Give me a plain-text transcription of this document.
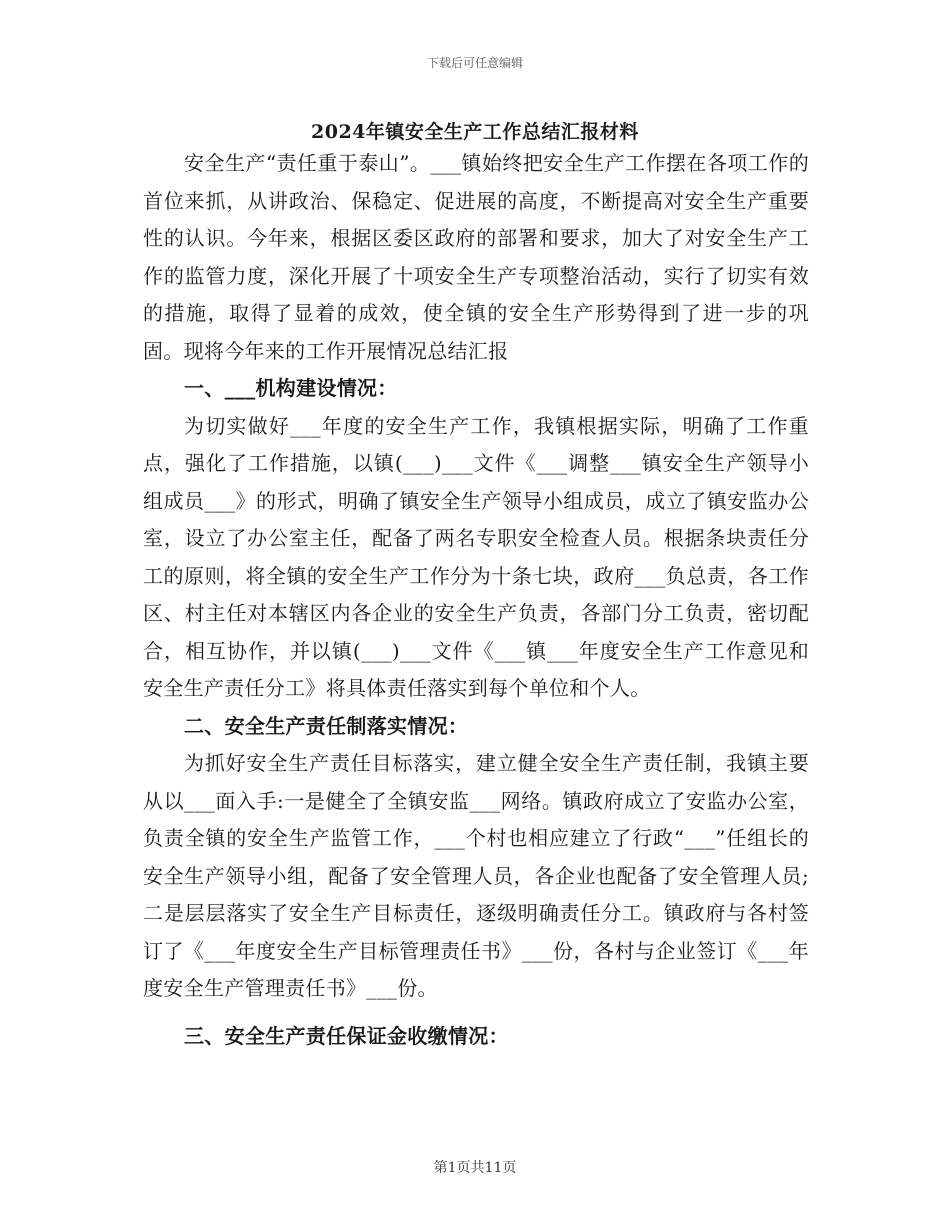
下载后可任意编辑
2024年镇安全生产工作总结汇报材料

安全生产“责任重于泰山”。___镇始终把安全生产工作摆在各项工作的首位来抓，从讲政治、保稳定、促进展的高度，不断提高对安全生产重要性的认识。今年来，根据区委区政府的部署和要求，加大了对安全生产工作的监管力度，深化开展了十项安全生产专项整治活动，实行了切实有效的措施，取得了显着的成效，使全镇的安全生产形势得到了进一步的巩固。现将今年来的工作开展情况总结汇报

一、___机构建设情况：

为切实做好___年度的安全生产工作，我镇根据实际，明确了工作重点，强化了工作措施，以镇(___)___文件《___调整___镇安全生产领导小组成员___》的形式，明确了镇安全生产领导小组成员，成立了镇安监办公室，设立了办公室主任，配备了两名专职安全检查人员。根据条块责任分工的原则，将全镇的安全生产工作分为十条七块，政府___负总责，各工作区、村主任对本辖区内各企业的安全生产负责，各部门分工负责，密切配合，相互协作，并以镇(___)___文件《___镇___年度安全生产工作意见和安全生产责任分工》将具体责任落实到每个单位和个人。

二、安全生产责任制落实情况：

为抓好安全生产责任目标落实，建立健全安全生产责任制，我镇主要从以___面入手:一是健全了全镇安监___网络。镇政府成立了安监办公室，负责全镇的安全生产监管工作，___个村也相应建立了行政“___”任组长的安全生产领导小组，配备了安全管理人员，各企业也配备了安全管理人员;二是层层落实了安全生产目标责任，逐级明确责任分工。镇政府与各村签订了《___年度安全生产目标管理责任书》___份，各村与企业签订《___年度安全生产管理责任书》___份。

三、安全生产责任保证金收缴情况：

第1页共11页
